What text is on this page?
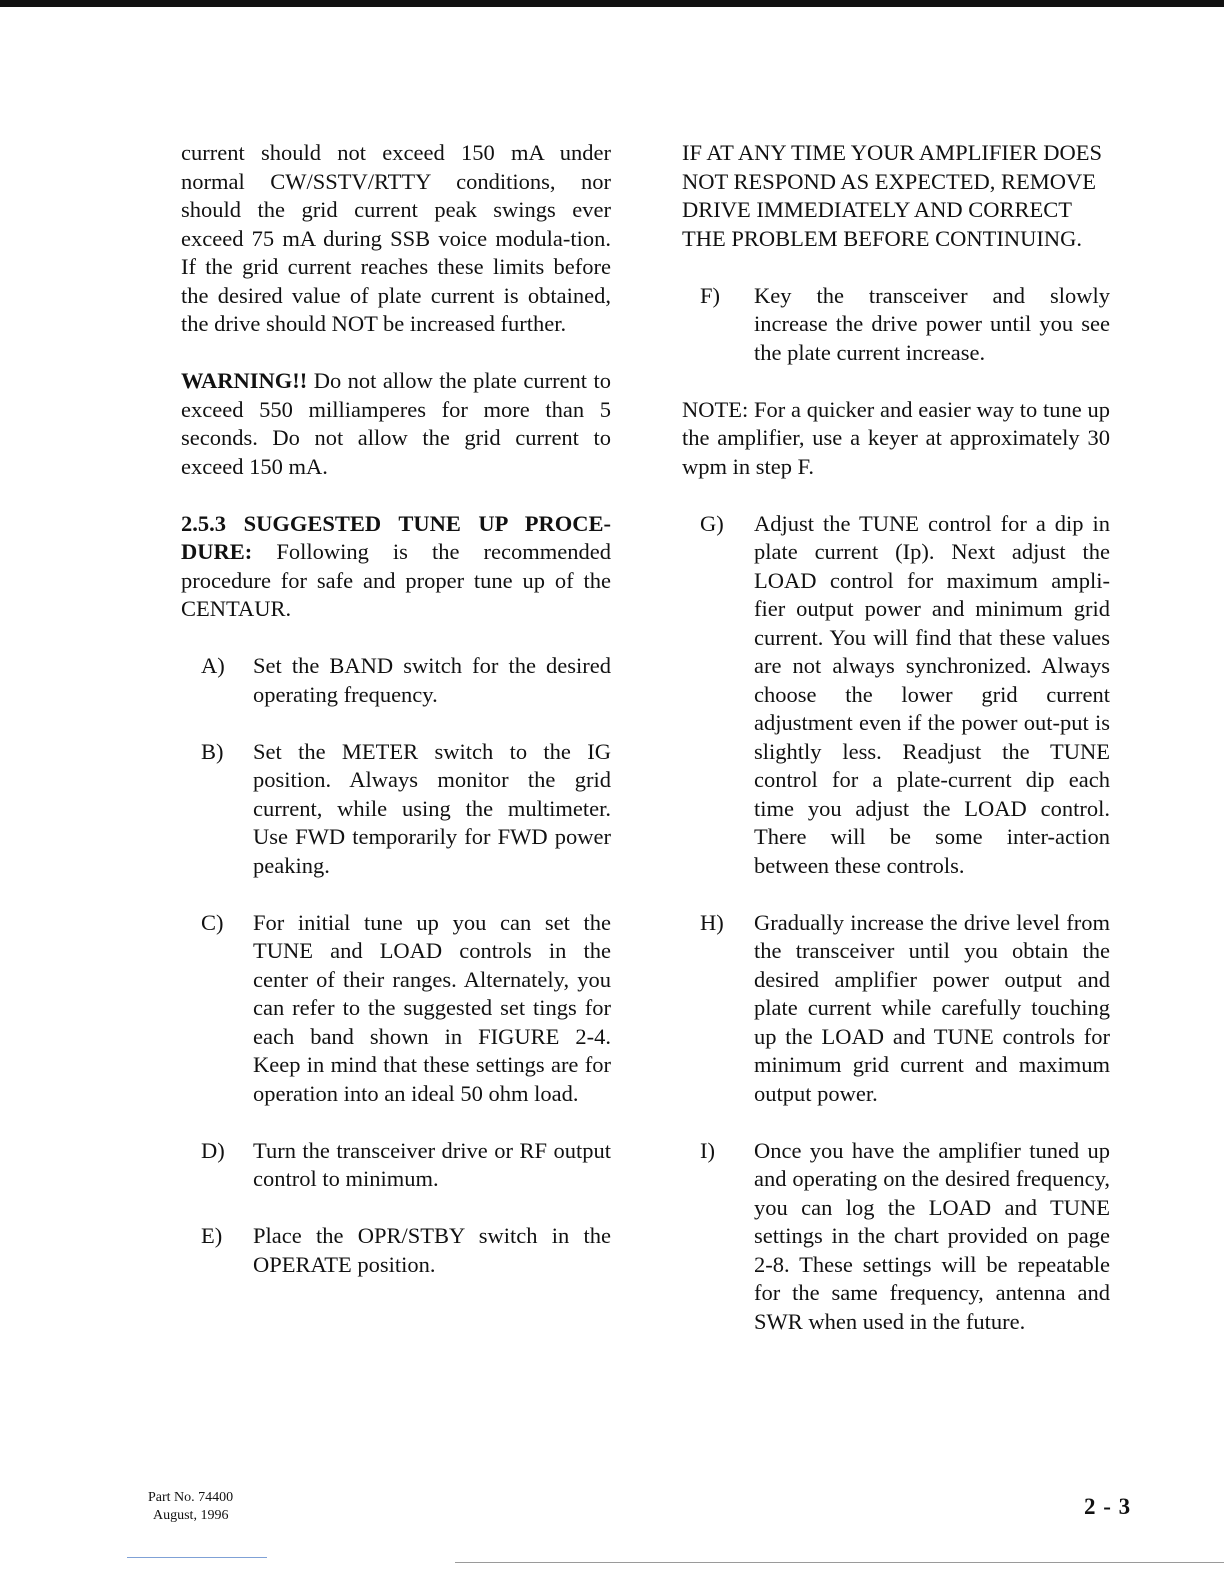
current should not exceed 150 mA under normal CW/SSTV/RTTY conditions, nor should the grid current peak swings ever exceed 75 mA during SSB voice modula-tion. If the grid current reaches these limits before the desired value of plate current is obtained, the drive should NOT be increased further.

WARNING!! Do not allow the plate current to exceed 550 milliamperes for more than 5 seconds. Do not allow the grid current to exceed 150 mA.

2.5.3 SUGGESTED TUNE UP PROCE-DURE: Following is the recommended procedure for safe and proper tune up of the CENTAUR.

A)	Set the BAND switch for the desired operating frequency.
B)	Set the METER switch to the IG position. Always monitor the grid current, while using the multimeter. Use FWD temporarily for FWD power peaking.
C)	For initial tune up you can set the TUNE and LOAD controls in the center of their ranges. Alternately, you can refer to the suggested set tings for each band shown in FIGURE 2-4. Keep in mind that these settings are for operation into an ideal 50 ohm load.
D)	Turn the transceiver drive or RF output control to minimum.
E)	Place the OPR/STBY switch in the OPERATE position.

IF AT ANY TIME YOUR AMPLIFIER DOES NOT RESPOND AS EXPECTED, REMOVE DRIVE IMMEDIATELY AND CORRECT THE PROBLEM BEFORE CONTINUING.

F)	Key the transceiver and slowly increase the drive power until you see the plate current increase.

NOTE: For a quicker and easier way to tune up the amplifier, use a keyer at approximately 30 wpm in step F.

G)	Adjust the TUNE control for a dip in plate current (Ip). Next adjust the LOAD control for maximum ampli-fier output power and minimum grid current. You will find that these values are not always synchronized. Always choose the lower grid current adjustment even if the power out-put is slightly less. Readjust the TUNE control for a plate-current dip each time you adjust the LOAD control. There will be some inter-action between these controls.
H)	Gradually increase the drive level from the transceiver until you obtain the desired amplifier power output and plate current while carefully touching up the LOAD and TUNE controls for minimum grid current and maximum output power.
I)	Once you have the amplifier tuned up and operating on the desired frequency, you can log the LOAD and TUNE settings in the chart provided on page 2-8. These settings will be repeatable for the same frequency, antenna and SWR when used in the future.
Part No. 74400
August, 1996	2 - 3
